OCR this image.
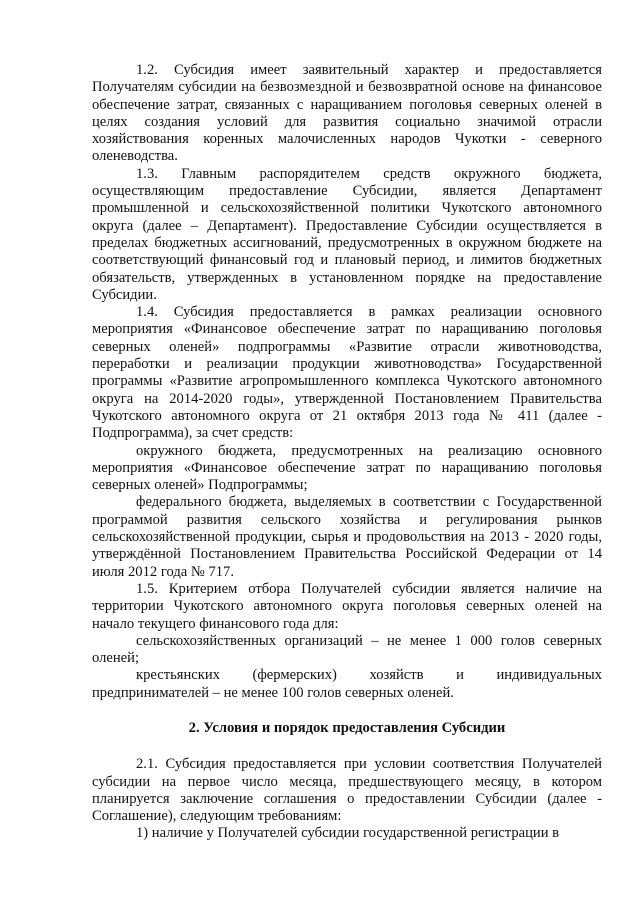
1.2. Субсидия имеет заявительный характер и предоставляется Получателям субсидии на безвозмездной и безвозвратной основе на финансовое обеспечение затрат, связанных с наращиванием поголовья северных оленей в целях создания условий для развития социально значимой отрасли хозяйствования коренных малочисленных народов Чукотки - северного оленеводства.

1.3. Главным распорядителем средств окружного бюджета, осуществляющим предоставление Субсидии, является Департамент промышленной и сельскохозяйственной политики Чукотского автономного округа (далее – Департамент). Предоставление Субсидии осуществляется в пределах бюджетных ассигнований, предусмотренных в окружном бюджете на соответствующий финансовый год и плановый период, и лимитов бюджетных обязательств, утвержденных в установленном порядке на предоставление Субсидии.

1.4. Субсидия предоставляется в рамках реализации основного мероприятия «Финансовое обеспечение затрат по наращиванию поголовья северных оленей» подпрограммы «Развитие отрасли животноводства, переработки и реализации продукции животноводства» Государственной программы «Развитие агропромышленного комплекса Чукотского автономного округа на 2014-2020 годы», утвержденной Постановлением Правительства Чукотского автономного округа от 21 октября 2013 года № 411 (далее - Подпрограмма), за счет средств:

окружного бюджета, предусмотренных на реализацию основного мероприятия «Финансовое обеспечение затрат по наращиванию поголовья северных оленей» Подпрограммы;

федерального бюджета, выделяемых в соответствии с Государственной программой развития сельского хозяйства и регулирования рынков сельскохозяйственной продукции, сырья и продовольствия на 2013 - 2020 годы, утверждённой Постановлением Правительства Российской Федерации от 14 июля 2012 года № 717.

1.5. Критерием отбора Получателей субсидии является наличие на территории Чукотского автономного округа поголовья северных оленей на начало текущего финансового года для:

сельскохозяйственных организаций – не менее 1 000 голов северных оленей;

крестьянских (фермерских) хозяйств и индивидуальных предпринимателей – не менее 100 голов северных оленей.

2. Условия и порядок предоставления Субсидии

2.1. Субсидия предоставляется при условии соответствия Получателей субсидии на первое число месяца, предшествующего месяцу, в котором планируется заключение соглашения о предоставлении Субсидии (далее - Соглашение), следующим требованиям:

1) наличие у Получателей субсидии государственной регистрации в
